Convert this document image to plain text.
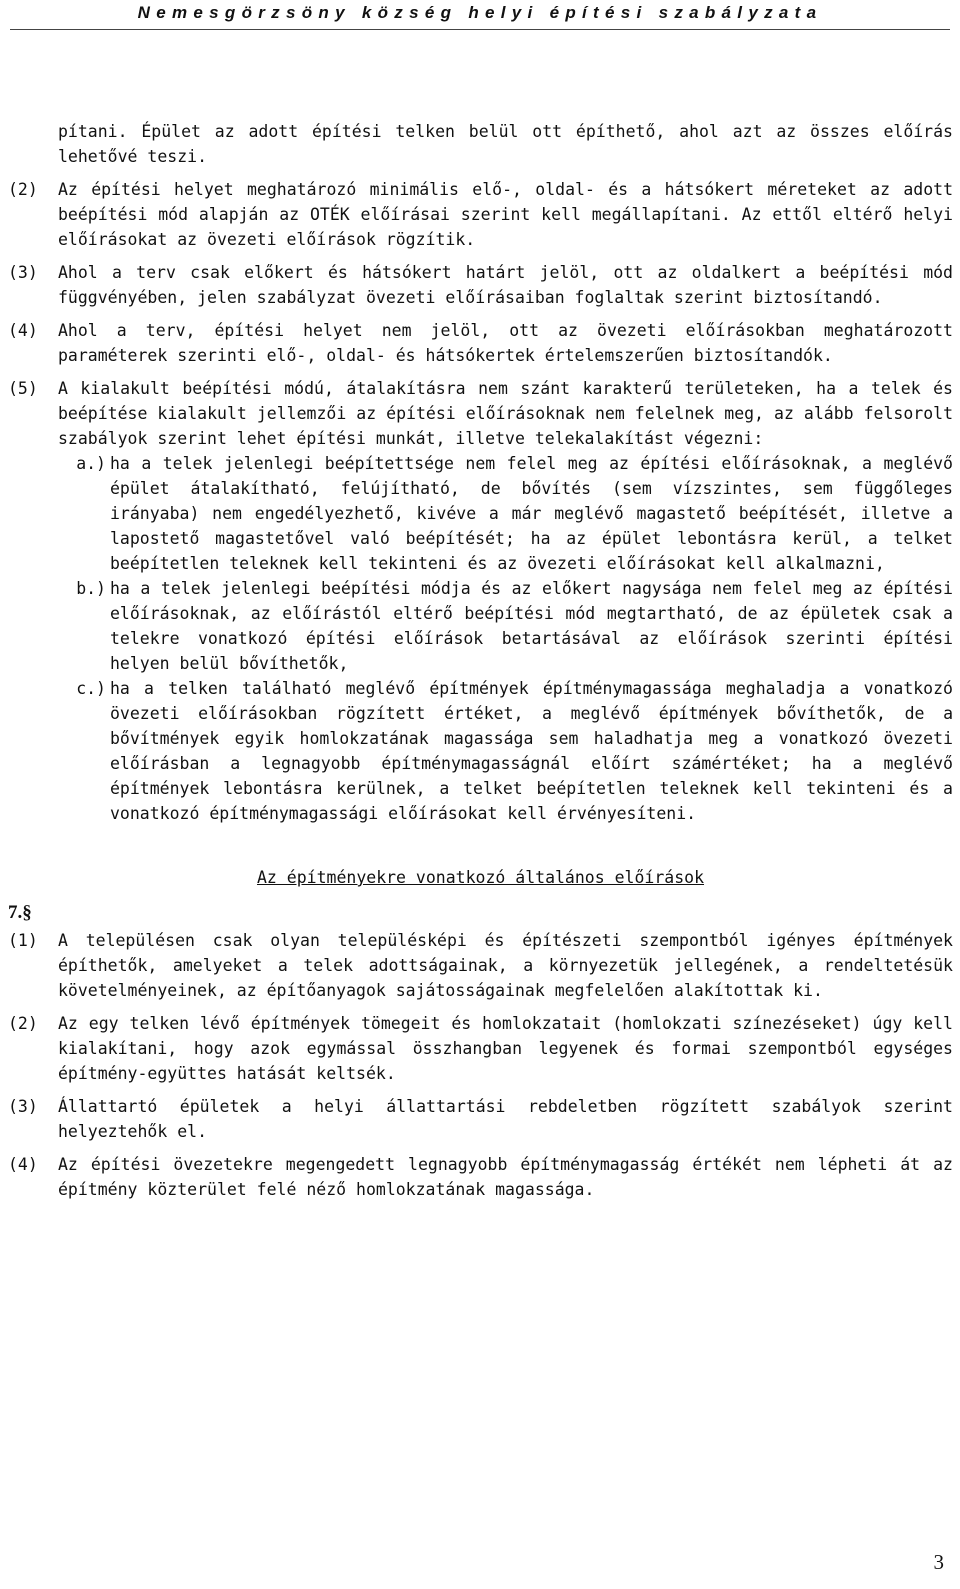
Nemesgörzsöny község helyi építési szabályzata
pítani. Épület az adott építési telken belül ott építhető, ahol azt az összes előírás lehetővé teszi.
(2) Az építési helyet meghatározó minimális elő-, oldal- és a hátsókert méreteket az adott beépítési mód alapján az OTÉK előírásai szerint kell megállapítani. Az ettől eltérő helyi előírásokat az övezeti előírások rögzítik.
(3) Ahol a terv csak előkert és hátsókert határt jelöl, ott az oldalkert a beépítési mód függvényében, jelen szabályzat övezeti előírásaiban foglaltak szerint biztosítandó.
(4) Ahol a terv, építési helyet nem jelöl, ott az övezeti előírásokban meghatározott paraméterek szerinti elő-, oldal- és hátsókertek értelemszerűen biztosítandók.
(5) A kialakult beépítési módú, átalakításra nem szánt karakterű területeken, ha a telek és beépítése kialakult jellemzői az építési előírásoknak nem felelnek meg, az alább felsorolt szabályok szerint lehet építési munkát, illetve telekalakítást végezni:
a.) ha a telek jelenlegi beépítettsége nem felel meg az építési előírásoknak, a meglévő épület átalakítható, felújítható, de bővítés (sem vízszintes, sem függőleges irányaba) nem engedélyezhető, kivéve a már meglévő magastető beépítését, illetve a lapostető magastetővel való beépítését; ha az épület lebontásra kerül, a telket beépítetlen teleknek kell tekinteni és az övezeti előírásokat kell alkalmazni,
b.) ha a telek jelenlegi beépítési módja és az előkert nagysága nem felel meg az építési előírásoknak, az előírástól eltérő beépítési mód megtartható, de az épületek csak a telekre vonatkozó építési előírások betartásával az előírások szerinti építési helyen belül bővíthetők,
c.) ha a telken található meglévő építmények építménymagassága meghaladja a vonatkozó övezeti előírásokban rögzített értéket, a meglévő építmények bővíthetők, de a bővítmények egyik homlokzatának magassága sem haladhatja meg a vonatkozó övezeti előírásban a legnagyobb építménymagasságnál előírt számértéket; ha a meglévő építmények lebontásra kerülnek, a telket beépítetlen teleknek kell tekinteni és a vonatkozó építménymagassági előírásokat kell érvényesíteni.
Az építményekre vonatkozó általános előírások
7.§
(1) A településen csak olyan településképi és építészeti szempontból igényes építmények építhetők, amelyeket a telek adottságainak, a környezetük jellegének, a rendeltetésük követelményeinek, az építőanyagok sajátosságainak megfelelően alakítottak ki.
(2) Az egy telken lévő építmények tömegeit és homlokzatait (homlokzati színezéseket) úgy kell kialakítani, hogy azok egymással összhangban legyenek és formai szempontból egységes építmény-együttes hatását keltsék.
(3) Állattartó épületek a helyi állattartási rebdeletben rögzített szabályok szerint helyeztehők el.
(4) Az építési övezetekre megengedett legnagyobb építménymagasság értékét nem lépheti át az építmény közterület felé néző homlokzatának magassága.
3
